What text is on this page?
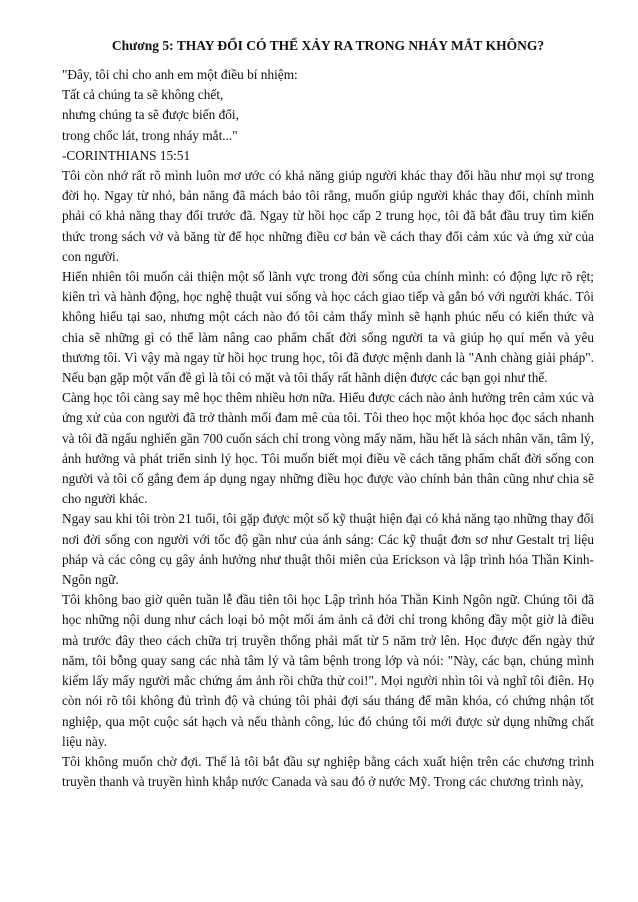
Chương 5: THAY ĐỔI CÓ THỂ XẢY RA TRONG NHÁY MẮT KHÔNG?
"Đây, tôi chỉ cho anh em một điều bí nhiệm:
Tất cả chúng ta sẽ không chết,
nhưng chúng ta sẽ được biến đổi,
trong chốc lát, trong nháy mắt..."
-CORINTHIANS 15:51

Tôi còn nhớ rất rõ mình luôn mơ ước có khả năng giúp người khác thay đổi hầu như mọi sự trong đời họ. Ngay từ nhỏ, bản năng đã mách bảo tôi rằng, muốn giúp người khác thay đổi, chính mình phải có khả năng thay đổi trước đã. Ngay từ hồi học cấp 2 trung học, tôi đã bắt đầu truy tìm kiến thức trong sách vở và băng từ để học những điều cơ bản về cách thay đổi cảm xúc và ứng xử của con người.

Hiển nhiên tôi muốn cải thiện một số lãnh vực trong đời sống của chính mình: có động lực rõ rệt; kiên trì và hành động, học nghệ thuật vui sống và học cách giao tiếp và gắn bó với người khác. Tôi không hiểu tại sao, nhưng một cách nào đó tôi cảm thấy mình sẽ hạnh phúc nếu có kiến thức và chia sẽ những gì có thể làm nâng cao phẩm chất đời sống người ta và giúp họ quí mến và yêu thương tôi. Vì vậy mà ngay từ hồi học trung học, tôi đã được mệnh danh là "Anh chàng giải pháp". Nếu bạn gặp một vấn đề gì là tôi có mặt và tôi thấy rất hãnh diện được các bạn gọi như thế.

Càng học tôi càng say mê học thêm nhiều hơn nữa. Hiểu được cách nào ảnh hưởng trên cảm xúc và ứng xử của con người đã trở thành mối đam mê của tôi. Tôi theo học một khóa học đọc sách nhanh và tôi đã ngấu nghiến gần 700 cuốn sách chỉ trong vòng mấy năm, hầu hết là sách nhân văn, tâm lý, ảnh hưởng và phát triển sinh lý học. Tôi muốn biết mọi điều về cách tăng phẩm chất đời sống con người và tôi cố gắng đem áp dụng ngay những điều học được vào chính bản thân cũng như chia sẽ cho người khác.

Ngay sau khi tôi tròn 21 tuổi, tôi gặp được một số kỹ thuật hiện đại có khả năng tạo những thay đổi nơi đời sống con người với tốc độ gần như của ánh sáng: Các kỹ thuật đơn sơ như Gestalt trị liệu pháp và các công cụ gây ảnh hưởng như thuật thôi miên của Erickson và lập trình hóa Thần Kinh-Ngôn ngữ.

Tôi không bao giờ quên tuần lễ đầu tiên tôi học Lập trình hóa Thần Kinh Ngôn ngữ. Chúng tôi đã học những nội dung như cách loại bỏ một mối ám ảnh cả đời chỉ trong không đầy một giờ là điều mà trước đây theo cách chữa trị truyền thống phải mất từ 5 năm trở lên. Học được đến ngày thứ năm, tôi bỗng quay sang các nhà tâm lý và tâm bệnh trong lớp và nói: "Này, các bạn, chúng mình kiếm lấy mấy người mắc chứng ám ảnh rồi chữa thử coi!". Mọi người nhìn tôi và nghĩ tôi điên. Họ còn nói rõ tôi không đủ trình độ và chúng tôi phải đợi sáu tháng để mãn khóa, có chứng nhận tốt nghiệp, qua một cuộc sát hạch và nếu thành công, lúc đó chúng tôi mới được sử dụng những chất liệu này.

Tôi không muốn chờ đợi. Thế là tôi bắt đầu sự nghiệp bằng cách xuất hiện trên các chương trình truyền thanh và truyền hình khắp nước Canada và sau đó ở nước Mỹ. Trong các chương trình này,
